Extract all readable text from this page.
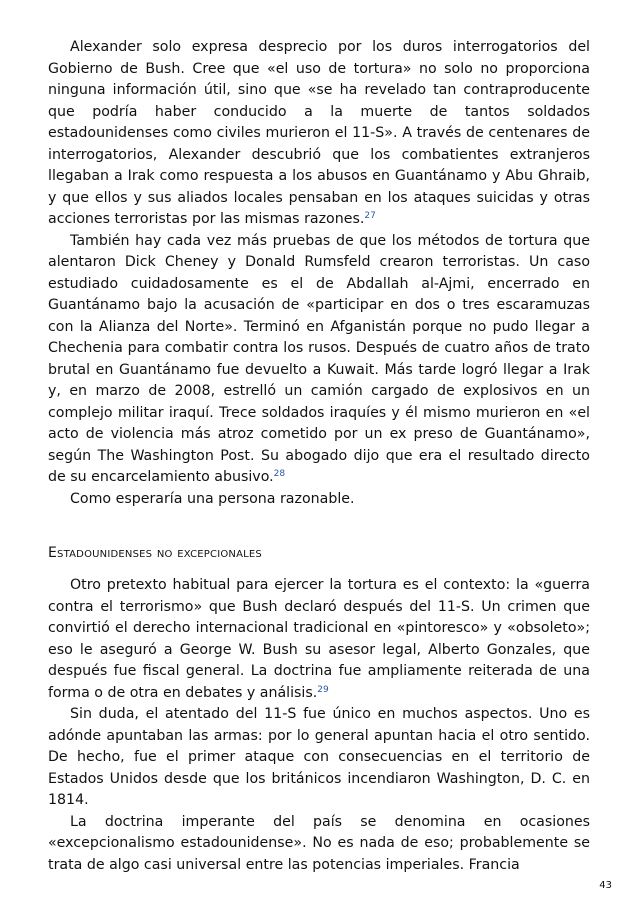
Alexander solo expresa desprecio por los duros interrogatorios del Gobierno de Bush. Cree que «el uso de tortura» no solo no proporciona ninguna información útil, sino que «se ha revelado tan contraproducente que podría haber conducido a la muerte de tantos soldados estadounidenses como civiles murieron el 11-S». A través de centenares de interrogatorios, Alexander descubrió que los combatientes extranjeros llegaban a Irak como respuesta a los abusos en Guantánamo y Abu Ghraib, y que ellos y sus aliados locales pensaban en los ataques suicidas y otras acciones terroristas por las mismas razones.$^{27}$

También hay cada vez más pruebas de que los métodos de tortura que alentaron Dick Cheney y Donald Rumsfeld crearon terroristas. Un caso estudiado cuidadosamente es el de Abdallah al-Ajmi, encerrado en Guantánamo bajo la acusación de «participar en dos o tres escaramuzas con la Alianza del Norte». Terminó en Afganistán porque no pudo llegar a Chechenia para combatir contra los rusos. Después de cuatro años de trato brutal en Guantánamo fue devuelto a Kuwait. Más tarde logró llegar a Irak y, en marzo de 2008, estrelló un camión cargado de explosivos en un complejo militar iraquí. Trece soldados iraquíes y él mismo murieron en «el acto de violencia más atroz cometido por un ex preso de Guantánamo», según The Washington Post. Su abogado dijo que era el resultado directo de su encarcelamiento abusivo.$^{28}$

Como esperaría una persona razonable.

Estadounidenses no excepcionales

Otro pretexto habitual para ejercer la tortura es el contexto: la «guerra contra el terrorismo» que Bush declaró después del 11-S. Un crimen que convirtió el derecho internacional tradicional en «pintoresco» y «obsoleto»; eso le aseguró a George W. Bush su asesor legal, Alberto Gonzales, que después fue fiscal general. La doctrina fue ampliamente reiterada de una forma o de otra en debates y análisis.$^{29}$

Sin duda, el atentado del 11-S fue único en muchos aspectos. Uno es adónde apuntaban las armas: por lo general apuntan hacia el otro sentido. De hecho, fue el primer ataque con consecuencias en el territorio de Estados Unidos desde que los británicos incendiaron Washington, D. C. en 1814.

La doctrina imperante del país se denomina en ocasiones «excepcionalismo estadounidense». No es nada de eso; probablemente se trata de algo casi universal entre las potencias imperiales. Francia

43
